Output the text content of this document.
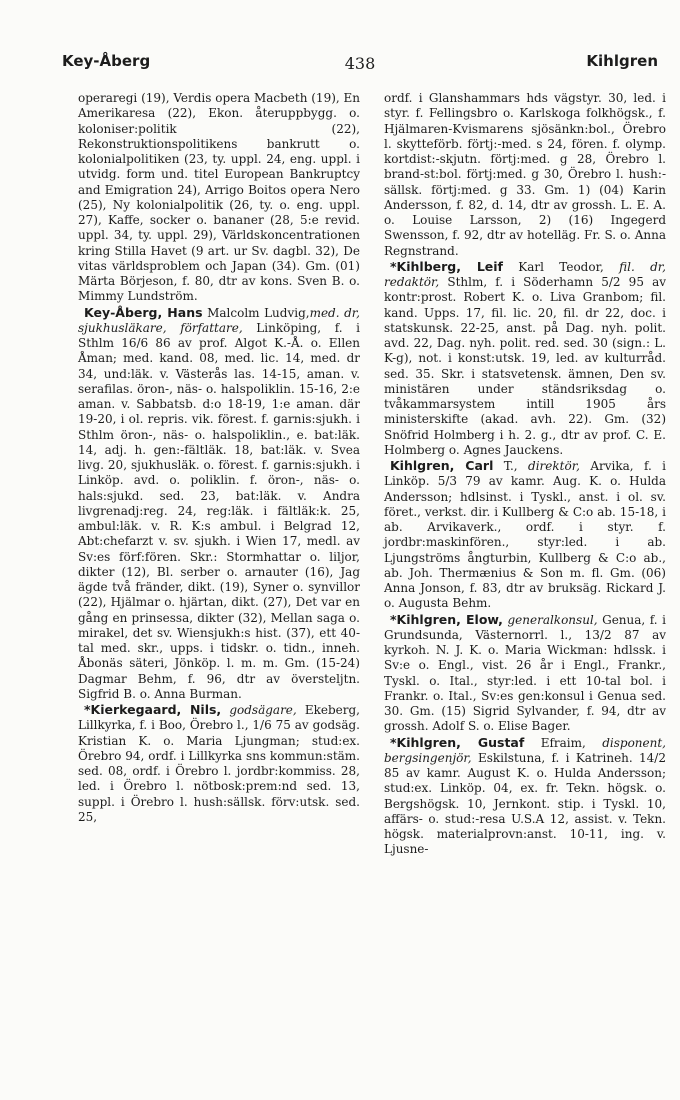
Key-Åberg	438	Kihlgren

operaregi (19), Verdis opera Macbeth (19), En Amerikaresa (22), Ekon. återuppbygg. o. koloniser:politik (22), Rekonstruktionspolitikens bankrutt o. kolonialpolitiken (23, ty. uppl. 24, eng. uppl. i utvidg. form und. titel European Bankruptcy and Emigration 24), Arrigo Boitos opera Nero (25), Ny kolonialpolitik (26, ty. o. eng. uppl. 27), Kaffe, socker o. bananer (28, 5:e revid. uppl. 34, ty. uppl. 29), Världskoncentrationen kring Stilla Havet (9 art. ur Sv. dagbl. 32), De vitas världsproblem och Japan (34). Gm. (01) Märta Börjeson, f. 80, dtr av kons. Sven B. o. Mimmy Lundström.

Key-Åberg, Hans Malcolm Ludvig,med. dr, sjukhusläkare, författare, Linköping, f. i Sthlm 16/6 86 av prof. Algot K.-Å. o. Ellen Åman; med. kand. 08, med. lic. 14, med. dr 34, und:läk. v. Västerås las. 14-15, aman. v. serafilas. öron-, näs- o. halspoliklin. 15-16, 2:e aman. v. Sabbatsb. d:o 18-19, 1:e aman. där 19-20, i ol. repris. vik. förest. f. garnis:sjukh. i Sthlm öron-, näs- o. halspoliklin., e. bat:läk. 14, adj. h. gen:-fältläk. 18, bat:läk. v. Svea livg. 20, sjukhusläk. o. förest. f. garnis:sjukh. i Linköp. avd. o. poliklin. f. öron-, näs- o. hals:sjukd. sed. 23, bat:läk. v. Andra livgrenadj:reg. 24, reg:läk. i fältläk:k. 25, ambul:läk. v. R. K:s ambul. i Belgrad 12, Abt:chefarzt v. sv. sjukh. i Wien 17, medl. av Sv:es förf:fören. Skr.: Stormhattar o. liljor, dikter (12), Bl. serber o. arnauter (16), Jag ägde två fränder, dikt. (19), Syner o. synvillor (22), Hjälmar o. hjärtan, dikt. (27), Det var en gång en prinsessa, dikter (32), Mellan saga o. mirakel, det sv. Wiensjukh:s hist. (37), ett 40-tal med. skr., upps. i tidskr. o. tidn., inneh. Åbonäs säteri, Jönköp. l. m. m. Gm. (15-24) Dagmar Behm, f. 96, dtr av översteljtn. Sigfrid B. o. Anna Burman.

*Kierkegaard, Nils, godsägare, Ekeberg, Lillkyrka, f. i Boo, Örebro l., 1/6 75 av godsäg. Kristian K. o. Maria Ljungman; stud:ex. Örebro 94, ordf. i Lillkyrka sns kommun:stäm. sed. 08, ordf. i Örebro l. jordbr:kommiss. 28, led. i Örebro l. nötbosk:prem:nd sed. 13, suppl. i Örebro l. hush:sällsk. förv:utsk. sed. 25,

ordf. i Glanshammars hds vägstyr. 30, led. i styr. f. Fellingsbro o. Karlskoga folkhögsk., f. Hjälmaren-Kvismarens sjösänkn:bol., Örebro l. skytteförb. förtj:-med. s 24, fören. f. olymp. kortdist:-skjutn. förtj:med. g 28, Örebro l. brand-st:bol. förtj:med. g 30, Örebro l. hush:-sällsk. förtj:med. g 33. Gm. 1) (04) Karin Andersson, f. 82, d. 14, dtr av grossh. L. E. A. o. Louise Larsson, 2) (16) Ingegerd Swensson, f. 92, dtr av hotelläg. Fr. S. o. Anna Regnstrand.

*Kihlberg, Leif Karl Teodor, fil. dr, redaktör, Sthlm, f. i Söderhamn 5/2 95 av kontr:prost. Robert K. o. Liva Granbom; fil. kand. Upps. 17, fil. lic. 20, fil. dr 22, doc. i statskunsk. 22-25, anst. på Dag. nyh. polit. avd. 22, Dag. nyh. polit. red. sed. 30 (sign.: L. K-g), not. i konst:utsk. 19, led. av kulturråd. sed. 35. Skr. i statsvetensk. ämnen, Den sv. ministären under ständsriksdag o. tvåkammarsystem intill 1905 års ministerskifte (akad. avh. 22). Gm. (32) Snöfrid Holmberg i h. 2. g., dtr av prof. C. E. Holmberg o. Agnes Jauckens.

Kihlgren, Carl T., direktör, Arvika, f. i Linköp. 5/3 79 av kamr. Aug. K. o. Hulda Andersson; hdlsinst. i Tyskl., anst. i ol. sv. föret., verkst. dir. i Kullberg & C:o ab. 15-18, i ab. Arvikaverk., ordf. i styr. f. jordbr:maskinfören., styr:led. i ab. Ljungströms ångturbin, Kullberg & C:o ab., ab. Joh. Thermænius & Son m. fl. Gm. (06) Anna Jonson, f. 83, dtr av bruksäg. Rickard J. o. Augusta Behm.

*Kihlgren, Elow, generalkonsul, Genua, f. i Grundsunda, Västernorrl. l., 13/2 87 av kyrkoh. N. J. K. o. Maria Wickman: hdlssk. i Sv:e o. Engl., vist. 26 år i Engl., Frankr., Tyskl. o. Ital., styr:led. i ett 10-tal bol. i Frankr. o. Ital., Sv:es gen:konsul i Genua sed. 30. Gm. (15) Sigrid Sylvander, f. 94, dtr av grossh. Adolf S. o. Elise Bager.

*Kihlgren, Gustaf Efraim, disponent, bergsingenjör, Eskilstuna, f. i Katrineh. 14/2 85 av kamr. August K. o. Hulda Andersson; stud:ex. Linköp. 04, ex. fr. Tekn. högsk. o. Bergshögsk. 10, Jernkont. stip. i Tyskl. 10, affärs- o. stud:-resa U.S.A 12, assist. v. Tekn. högsk. materialprovn:anst. 10-11, ing. v. Ljusne-
